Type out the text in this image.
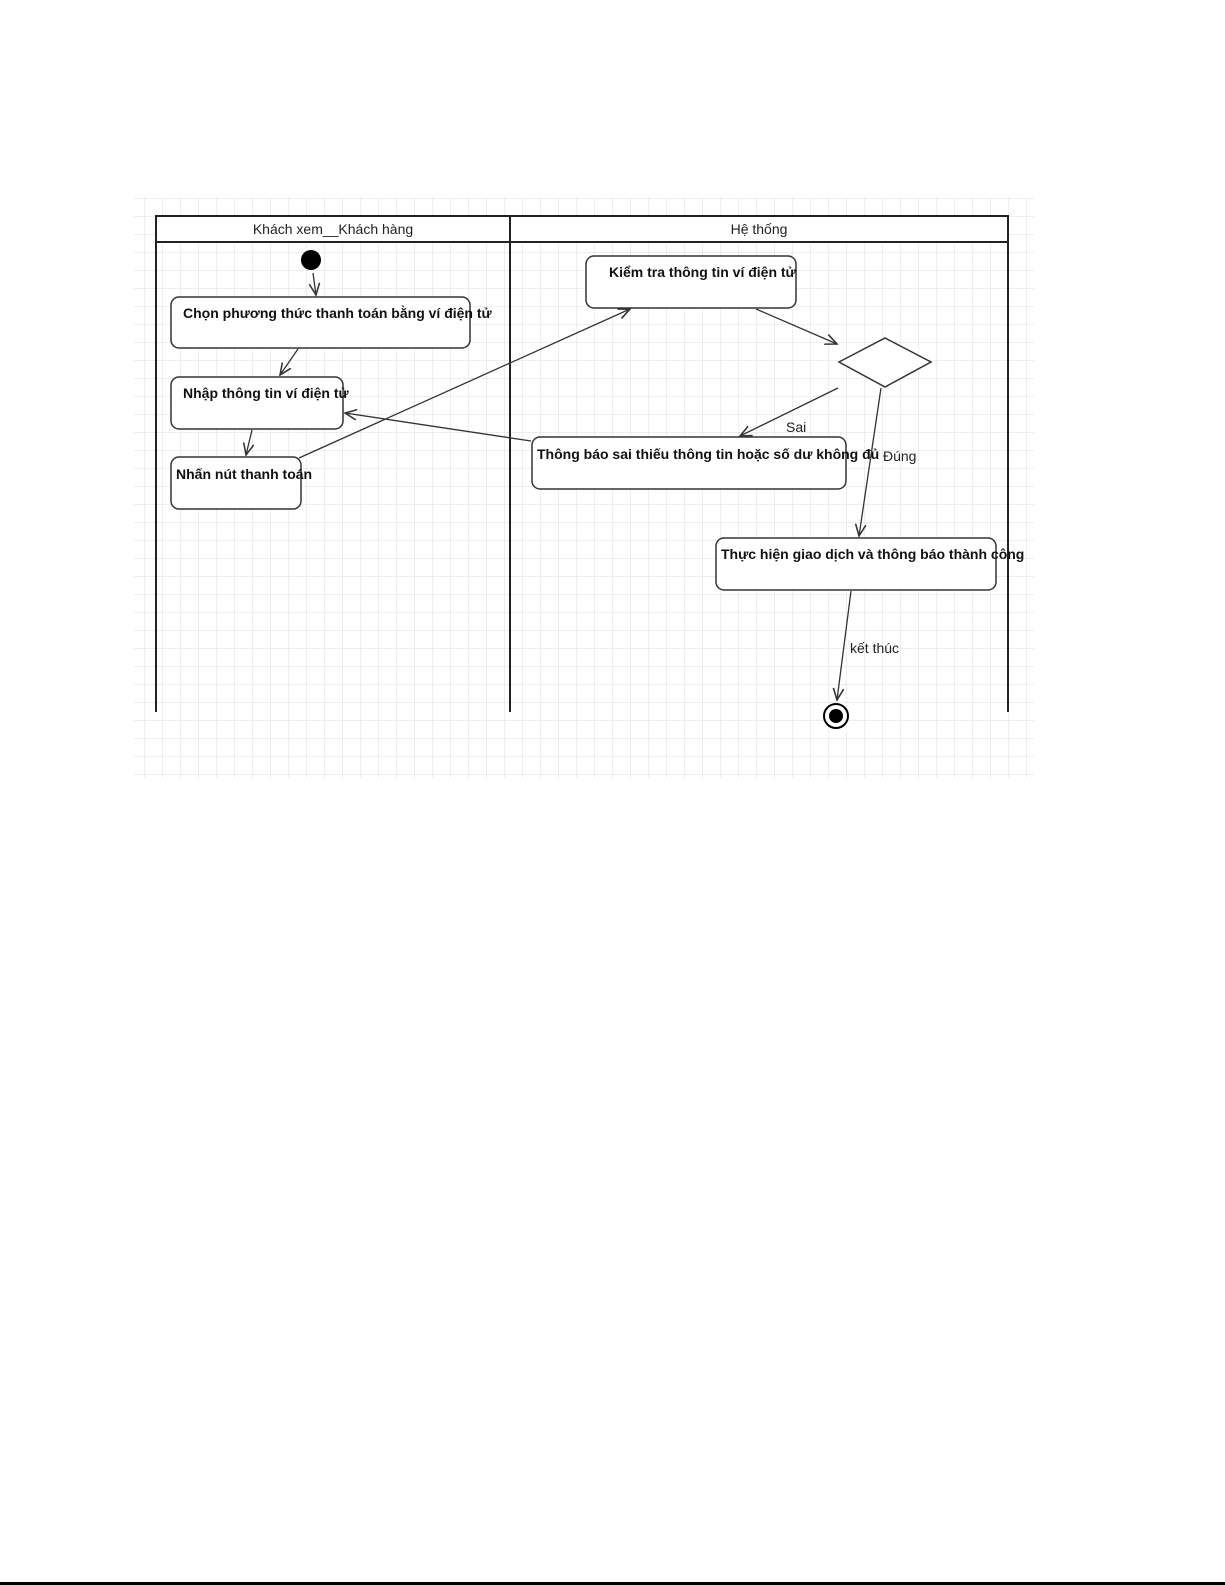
Khách xem__Khách hàng	Hệ thống
Chọn phương thức thanh toán bằng ví điện tử
Nhập thông tin ví điện tử
Nhấn nút thanh toán
Kiểm tra thông tin ví điện tử
Thông báo sai thiếu thông tin hoặc số dư không đủ
Thực hiện giao dịch và thông báo thành công
Sai
Đúng
kết thúc
